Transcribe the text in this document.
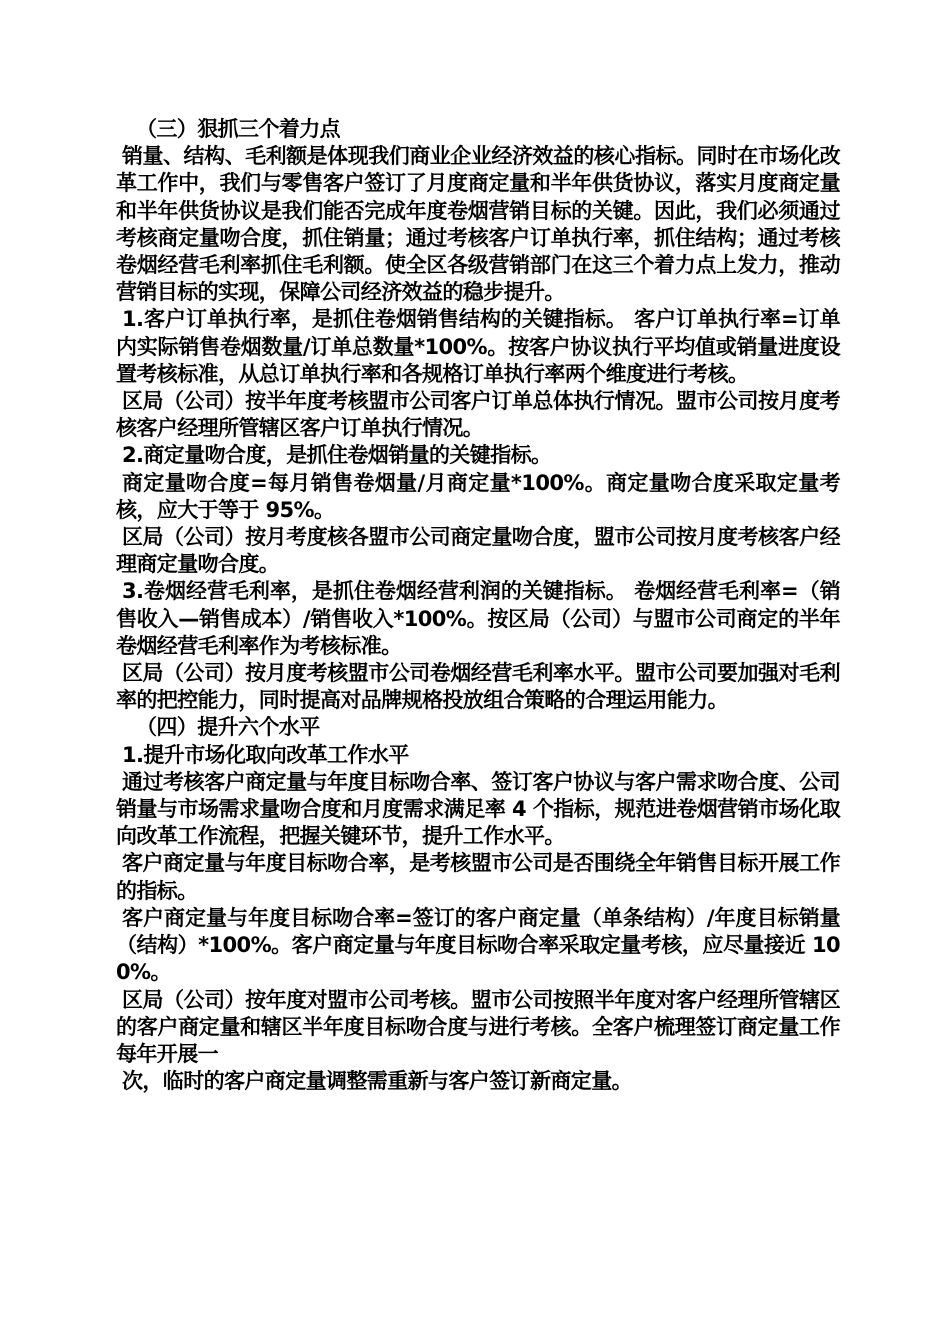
（三）狠抓三个着力点

销量、结构、毛利额是体现我们商业企业经济效益的核心指标。同时在市场化改革工作中，我们与零售客户签订了月度商定量和半年供货协议，落实月度商定量和半年供货协议是我们能否完成年度卷烟营销目标的关键。因此，我们必须通过考核商定量吻合度，抓住销量；通过考核客户订单执行率，抓住结构；通过考核卷烟经营毛利率抓住毛利额。使全区各级营销部门在这三个着力点上发力，推动营销目标的实现，保障公司经济效益的稳步提升。

1.客户订单执行率，是抓住卷烟销售结构的关键指标。 客户订单执行率=订单内实际销售卷烟数量/订单总数量*100%。按客户协议执行平均值或销量进度设置考核标准，从总订单执行率和各规格订单执行率两个维度进行考核。

区局（公司）按半年度考核盟市公司客户订单总体执行情况。盟市公司按月度考核客户经理所管辖区客户订单执行情况。

2.商定量吻合度，是抓住卷烟销量的关键指标。

商定量吻合度=每月销售卷烟量/月商定量*100%。商定量吻合度采取定量考核，应大于等于 95%。

区局（公司）按月考度核各盟市公司商定量吻合度，盟市公司按月度考核客户经理商定量吻合度。

3.卷烟经营毛利率，是抓住卷烟经营利润的关键指标。 卷烟经营毛利率=（销售收入—销售成本）/销售收入*100%。按区局（公司）与盟市公司商定的半年卷烟经营毛利率作为考核标准。

区局（公司）按月度考核盟市公司卷烟经营毛利率水平。盟市公司要加强对毛利率的把控能力，同时提高对品牌规格投放组合策略的合理运用能力。

（四）提升六个水平

1.提升市场化取向改革工作水平

通过考核客户商定量与年度目标吻合率、签订客户协议与客户需求吻合度、公司销量与市场需求量吻合度和月度需求满足率 4 个指标，规范进卷烟营销市场化取向改革工作流程，把握关键环节，提升工作水平。

客户商定量与年度目标吻合率，是考核盟市公司是否围绕全年销售目标开展工作的指标。

客户商定量与年度目标吻合率=签订的客户商定量（单条结构）/年度目标销量（结构）*100%。客户商定量与年度目标吻合率采取定量考核，应尽量接近 100%。

区局（公司）按年度对盟市公司考核。盟市公司按照半年度对客户经理所管辖区的客户商定量和辖区半年度目标吻合度与进行考核。全客户梳理签订商定量工作每年开展一

次，临时的客户商定量调整需重新与客户签订新商定量。
